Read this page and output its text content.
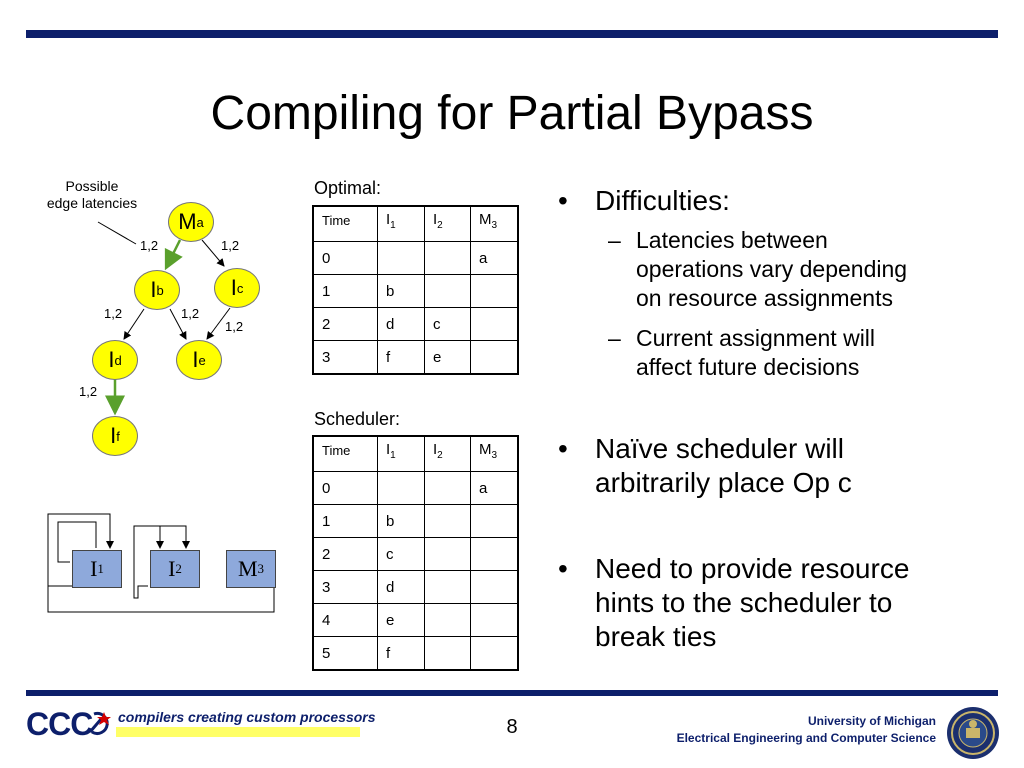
Compiling for Partial Bypass
Possible
edge latencies
M a
I b	I c
I d	I e
I f
1,2	1,2
1,2	1,2
1,2
1,2
I 1	I 2	M 3
Optimal:
Time	$I_1$	$I_2$	$M_3$
0			a
1	b		
2	d	c	
3	f	e	
Scheduler:
Time	$I_1$	$I_2$	$M_3$
0			a
1	b		
2	c		
3	d		
4	e		
5	f		
• Difficulties:
– Latencies between
operations vary depending
on resource assignments
– Current assignment will
affect future decisions
• Naïve scheduler will
arbitrarily place Op c
• Need to provide resource
hints to the scheduler to
break ties
CCC compilers creating custom processors	8	University of Michigan
Electrical Engineering and Computer Science
